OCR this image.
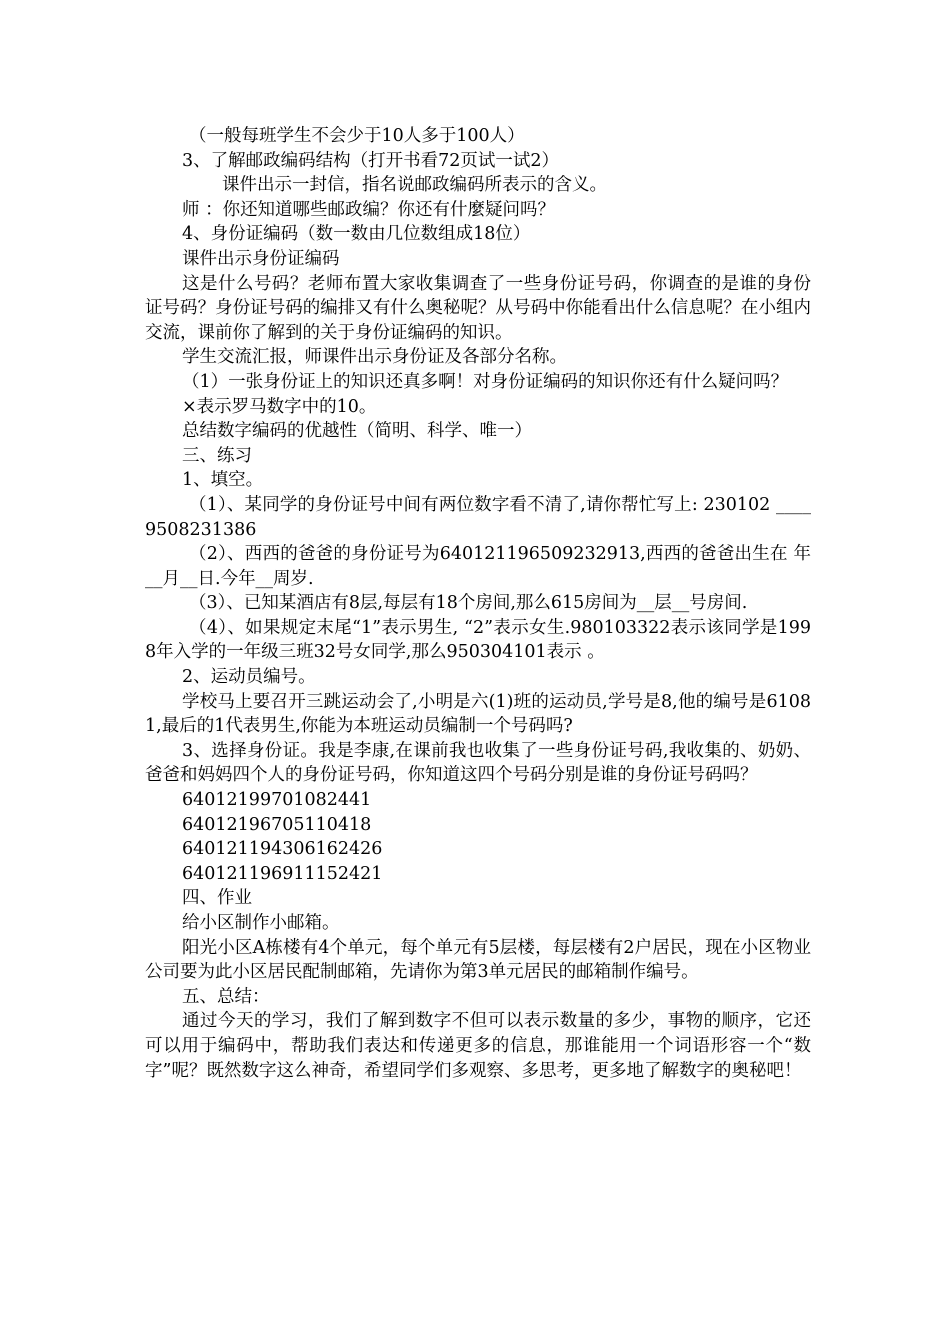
（一般每班学生不会少于10人多于100人）

3、了解邮政编码结构（打开书看72页试一试2）

课件出示一封信，指名说邮政编码所表示的含义。

师 ：你还知道哪些邮政编？你还有什麼疑问吗？

4、身份证编码（数一数由几位数组成18位）

课件出示身份证编码

这是什么号码？老师布置大家收集调查了一些身份证号码，你调查的是谁的身份证号码？身份证号码的编排又有什么奥秘呢？从号码中你能看出什么信息呢？在小组内交流，课前你了解到的关于身份证编码的知识。

学生交流汇报，师课件出示身份证及各部分名称。

（1）一张身份证上的知识还真多啊！对身份证编码的知识你还有什么疑问吗？

×表示罗马数字中的10。

总结数字编码的优越性（简明、科学、唯一）

三、练习

1、填空。

（1）、某同学的身份证号中间有两位数字看不清了,请你帮忙写上: 230102 ____9508231386

（2）、西西的爸爸的身份证号为640121196509232913,西西的爸爸出生在 年__月__日.今年__周岁.

（3）、已知某酒店有8层,每层有18个房间,那么615房间为__层__号房间.

（4）、如果规定末尾“1”表示男生, “2”表示女生.980103322表示该同学是1998年入学的一年级三班32号女同学,那么950304101表示 。

2、运动员编号。

学校马上要召开三跳运动会了,小明是六(1)班的运动员,学号是8,他的编号是61081,最后的1代表男生,你能为本班运动员编制一个号码吗?

3、选择身份证。我是李康,在课前我也收集了一些身份证号码,我收集的、奶奶、爸爸和妈妈四个人的身份证号码，你知道这四个号码分别是谁的身份证号码吗？

64012199701082441

64012196705110418

640121194306162426

640121196911152421

四、作业

给小区制作小邮箱。

阳光小区A栋楼有4个单元，每个单元有5层楼，每层楼有2户居民，现在小区物业公司要为此小区居民配制邮箱，先请你为第3单元居民的邮箱制作编号。

五、总结：

通过今天的学习，我们了解到数字不但可以表示数量的多少，事物的顺序，它还可以用于编码中，帮助我们表达和传递更多的信息，那谁能用一个词语形容一个“数字”呢？既然数字这么神奇，希望同学们多观察、多思考，更多地了解数字的奥秘吧！
